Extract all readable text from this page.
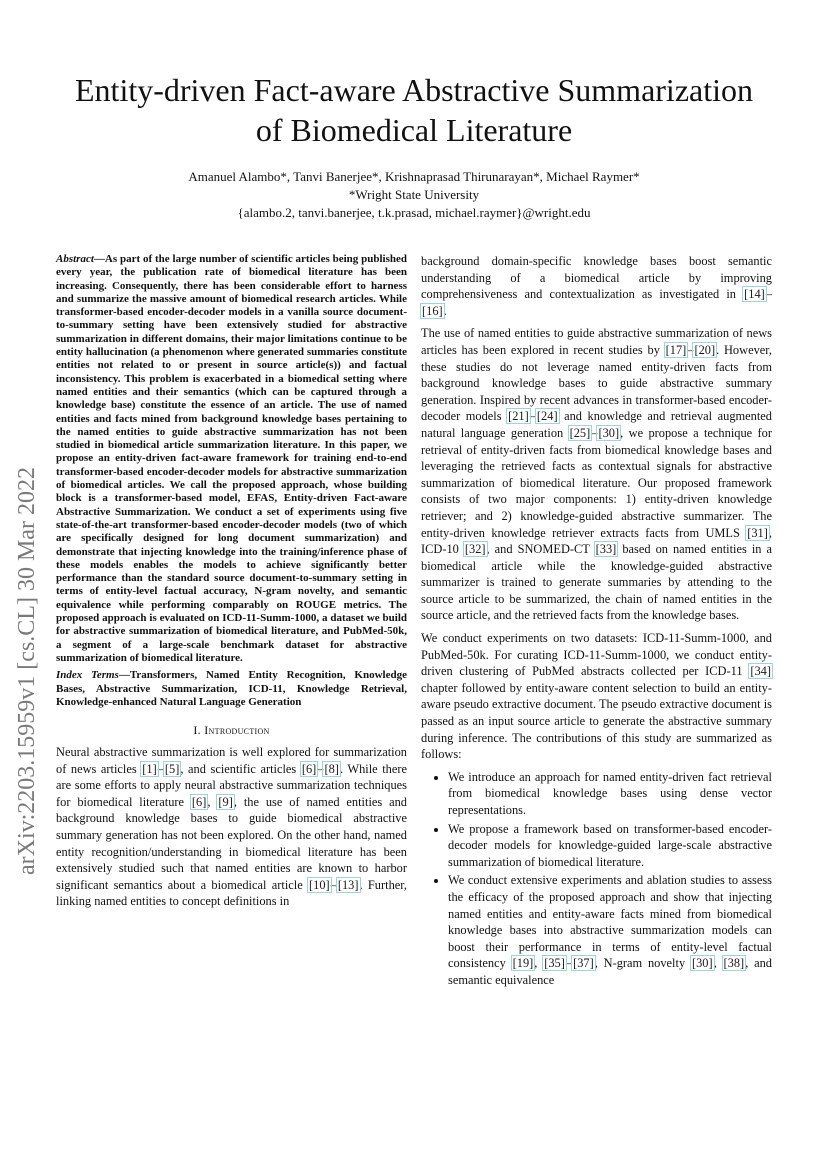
arXiv:2203.15959v1 [cs.CL] 30 Mar 2022
Entity-driven Fact-aware Abstractive Summarization
of Biomedical Literature
Amanuel Alambo*, Tanvi Banerjee*, Krishnaprasad Thirunarayan*, Michael Raymer*
*Wright State University
{alambo.2, tanvi.banerjee, t.k.prasad, michael.raymer}@wright.edu

Abstract—As part of the large number of scientific articles being published every year, the publication rate of biomedical literature has been increasing. Consequently, there has been considerable effort to harness and summarize the massive amount of biomedical research articles. While transformer-based encoder-decoder models in a vanilla source document-to-summary setting have been extensively studied for abstractive summarization in different domains, their major limitations continue to be entity hallucination (a phenomenon where generated summaries constitute entities not related to or present in source article(s)) and factual inconsistency. This problem is exacerbated in a biomedical setting where named entities and their semantics (which can be captured through a knowledge base) constitute the essence of an article. The use of named entities and facts mined from background knowledge bases pertaining to the named entities to guide abstractive summarization has not been studied in biomedical article summarization literature. In this paper, we propose an entity-driven fact-aware framework for training end-to-end transformer-based encoder-decoder models for abstractive summarization of biomedical articles. We call the proposed approach, whose building block is a transformer-based model, EFAS, Entity-driven Fact-aware Abstractive Summarization. We conduct a set of experiments using five state-of-the-art transformer-based encoder-decoder models (two of which are specifically designed for long document summarization) and demonstrate that injecting knowledge into the training/inference phase of these models enables the models to achieve significantly better performance than the standard source document-to-summary setting in terms of entity-level factual accuracy, N-gram novelty, and semantic equivalence while performing comparably on ROUGE metrics. The proposed approach is evaluated on ICD-11-Summ-1000, a dataset we build for abstractive summarization of biomedical literature, and PubMed-50k, a segment of a large-scale benchmark dataset for abstractive summarization of biomedical literature.

Index Terms—Transformers, Named Entity Recognition, Knowledge Bases, Abstractive Summarization, ICD-11, Knowledge Retrieval, Knowledge-enhanced Natural Language Generation

I. Introduction

Neural abstractive summarization is well explored for summarization of news articles [1]–[5], and scientific articles [6]–[8]. While there are some efforts to apply neural abstractive summarization techniques for biomedical literature [6], [9], the use of named entities and background knowledge bases to guide biomedical abstractive summary generation has not been explored. On the other hand, named entity recognition/understanding in biomedical literature has been extensively studied such that named entities are known to harbor significant semantics about a biomedical article [10]–[13]. Further, linking named entities to concept definitions in

background domain-specific knowledge bases boost semantic understanding of a biomedical article by improving comprehensiveness and contextualization as investigated in [14]–[16].

The use of named entities to guide abstractive summarization of news articles has been explored in recent studies by [17]–[20]. However, these studies do not leverage named entity-driven facts from background knowledge bases to guide abstractive summary generation. Inspired by recent advances in transformer-based encoder-decoder models [21]–[24] and knowledge and retrieval augmented natural language generation [25]–[30], we propose a technique for retrieval of entity-driven facts from biomedical knowledge bases and leveraging the retrieved facts as contextual signals for abstractive summarization of biomedical literature. Our proposed framework consists of two major components: 1) entity-driven knowledge retriever; and 2) knowledge-guided abstractive summarizer. The entity-driven knowledge retriever extracts facts from UMLS [31], ICD-10 [32], and SNOMED-CT [33] based on named entities in a biomedical article while the knowledge-guided abstractive summarizer is trained to generate summaries by attending to the source article to be summarized, the chain of named entities in the source article, and the retrieved facts from the knowledge bases.

We conduct experiments on two datasets: ICD-11-Summ-1000, and PubMed-50k. For curating ICD-11-Summ-1000, we conduct entity-driven clustering of PubMed abstracts collected per ICD-11 [34] chapter followed by entity-aware content selection to build an entity-aware pseudo extractive document. The pseudo extractive document is passed as an input source article to generate the abstractive summary during inference. The contributions of this study are summarized as follows:

• We introduce an approach for named entity-driven fact retrieval from biomedical knowledge bases using dense vector representations.
• We propose a framework based on transformer-based encoder-decoder models for knowledge-guided large-scale abstractive summarization of biomedical literature.
• We conduct extensive experiments and ablation studies to assess the efficacy of the proposed approach and show that injecting named entities and entity-aware facts mined from biomedical knowledge bases into abstractive summarization models can boost their performance in terms of entity-level factual consistency [19], [35]–[37], N-gram novelty [30], [38], and semantic equivalence
